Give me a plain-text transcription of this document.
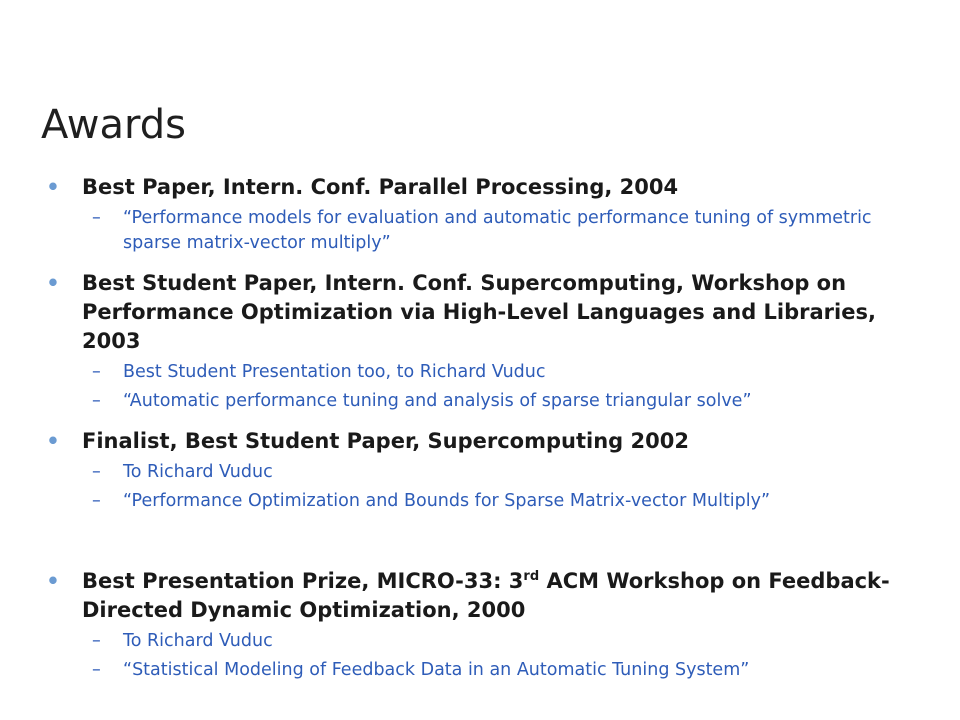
Awards
• Best Paper, Intern. Conf. Parallel Processing, 2004
– “Performance models for evaluation and automatic performance tuning of symmetric sparse matrix-vector multiply”
• Best Student Paper, Intern. Conf. Supercomputing, Workshop on Performance Optimization via High-Level Languages and Libraries, 2003
– Best Student Presentation too, to Richard Vuduc
– “Automatic performance tuning and analysis of sparse triangular solve”
• Finalist, Best Student Paper, Supercomputing 2002
– To Richard Vuduc
– “Performance Optimization and Bounds for Sparse Matrix-vector Multiply”
• Best Presentation Prize, MICRO-33: 3rd ACM Workshop on Feedback-Directed Dynamic Optimization, 2000
– To Richard Vuduc
– “Statistical Modeling of Feedback Data in an Automatic Tuning System”
